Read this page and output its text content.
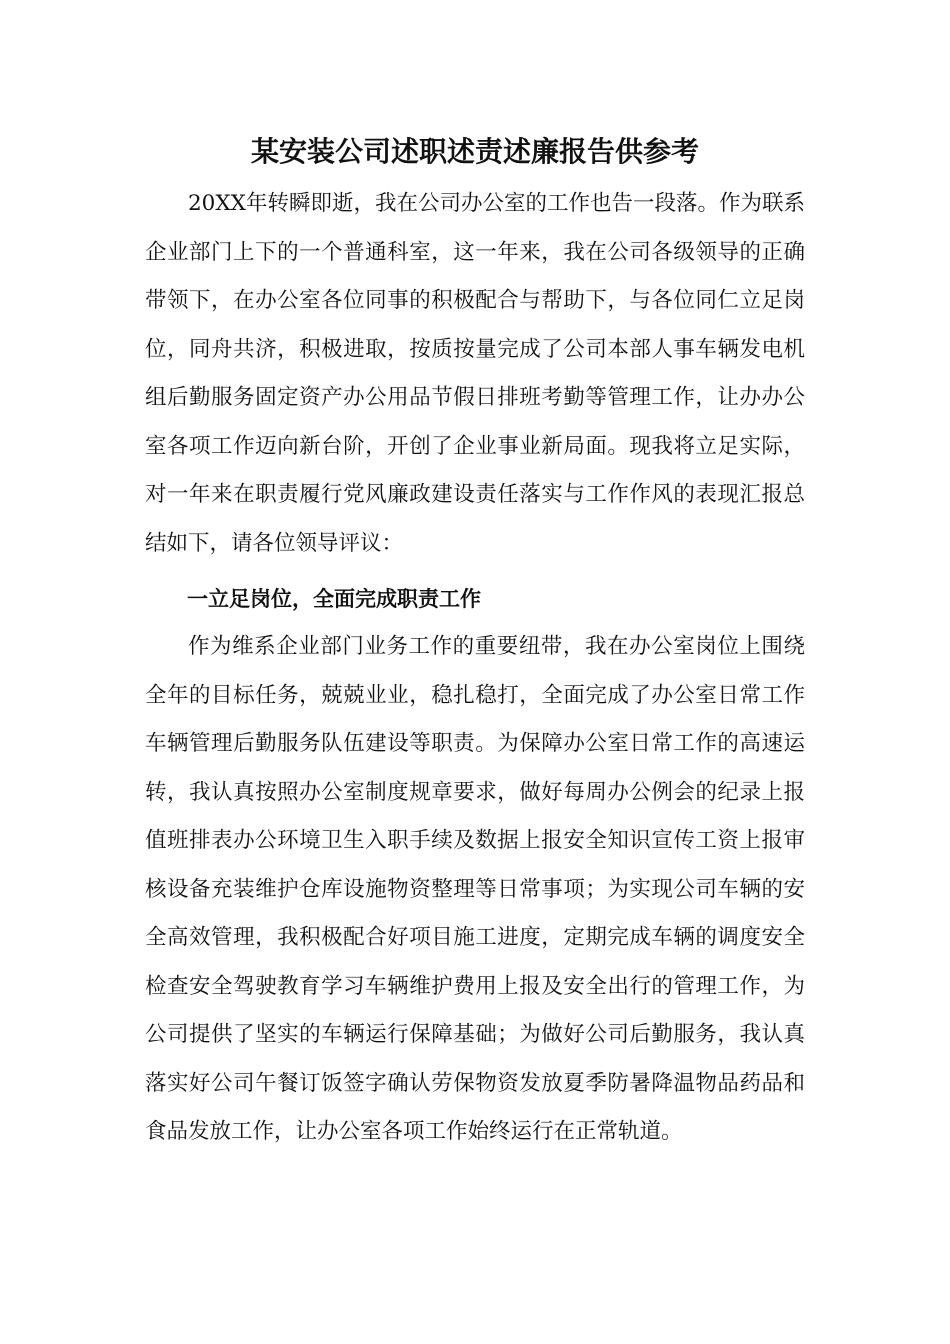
某安装公司述职述责述廉报告供参考

20XX年转瞬即逝，我在公司办公室的工作也告一段落。作为联系企业部门上下的一个普通科室，这一年来，我在公司各级领导的正确带领下，在办公室各位同事的积极配合与帮助下，与各位同仁立足岗位，同舟共济，积极进取，按质按量完成了公司本部人事车辆发电机组后勤服务固定资产办公用品节假日排班考勤等管理工作，让办办公室各项工作迈向新台阶，开创了企业事业新局面。现我将立足实际，对一年来在职责履行党风廉政建设责任落实与工作作风的表现汇报总结如下，请各位领导评议：

一立足岗位，全面完成职责工作

作为维系企业部门业务工作的重要纽带，我在办公室岗位上围绕全年的目标任务，兢兢业业，稳扎稳打，全面完成了办公室日常工作车辆管理后勤服务队伍建设等职责。为保障办公室日常工作的高速运转，我认真按照办公室制度规章要求，做好每周办公例会的纪录上报值班排表办公环境卫生入职手续及数据上报安全知识宣传工资上报审核设备充装维护仓库设施物资整理等日常事项；为实现公司车辆的安全高效管理，我积极配合好项目施工进度，定期完成车辆的调度安全检查安全驾驶教育学习车辆维护费用上报及安全出行的管理工作，为公司提供了坚实的车辆运行保障基础；为做好公司后勤服务，我认真落实好公司午餐订饭签字确认劳保物资发放夏季防暑降温物品药品和食品发放工作，让办公室各项工作始终运行在正常轨道。
